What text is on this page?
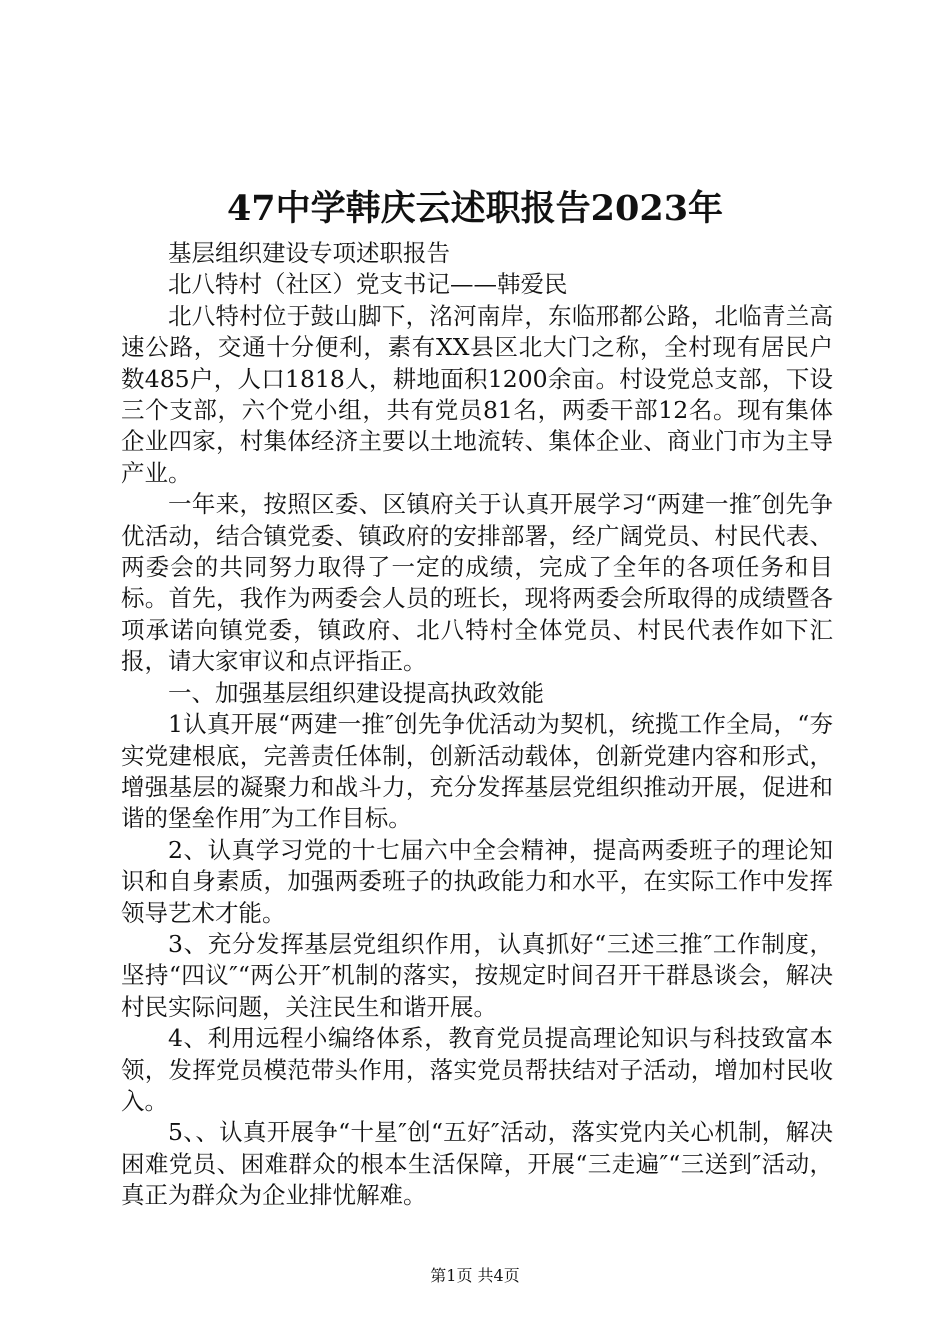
47中学韩庆云述职报告2023年

基层组织建设专项述职报告

北八特村（社区）党支书记——韩爱民

北八特村位于鼓山脚下，洺河南岸，东临邢都公路，北临青兰高速公路，交通十分便利，素有XX县区北大门之称，全村现有居民户数485户，人口1818人，耕地面积1200余亩。村设党总支部，下设三个支部，六个党小组，共有党员81名，两委干部12名。现有集体企业四家，村集体经济主要以土地流转、集体企业、商业门市为主导产业。

一年来，按照区委、区镇府关于认真开展学习“两建一推″创先争优活动，结合镇党委、镇政府的安排部署，经广阔党员、村民代表、两委会的共同努力取得了一定的成绩，完成了全年的各项任务和目标。首先，我作为两委会人员的班长，现将两委会所取得的成绩暨各项承诺向镇党委，镇政府、北八特村全体党员、村民代表作如下汇报，请大家审议和点评指正。

一、加强基层组织建设提高执政效能

1认真开展“两建一推″创先争优活动为契机，统揽工作全局，“夯实党建根底，完善责任体制，创新活动载体，创新党建内容和形式，增强基层的凝聚力和战斗力，充分发挥基层党组织推动开展，促进和谐的堡垒作用″为工作目标。

2、认真学习党的十七届六中全会精神，提高两委班子的理论知识和自身素质，加强两委班子的执政能力和水平，在实际工作中发挥领导艺术才能。

3、充分发挥基层党组织作用，认真抓好“三述三推″工作制度，坚持“四议″“两公开″机制的落实，按规定时间召开干群恳谈会，解决村民实际问题，关注民生和谐开展。

4、利用远程小编络体系，教育党员提高理论知识与科技致富本领，发挥党员模范带头作用，落实党员帮扶结对子活动，增加村民收入。

5、、认真开展争“十星″创“五好″活动，落实党内关心机制，解决困难党员、困难群众的根本生活保障，开展“三走遍″“三送到″活动，真正为群众为企业排忧解难。

第1页 共4页
